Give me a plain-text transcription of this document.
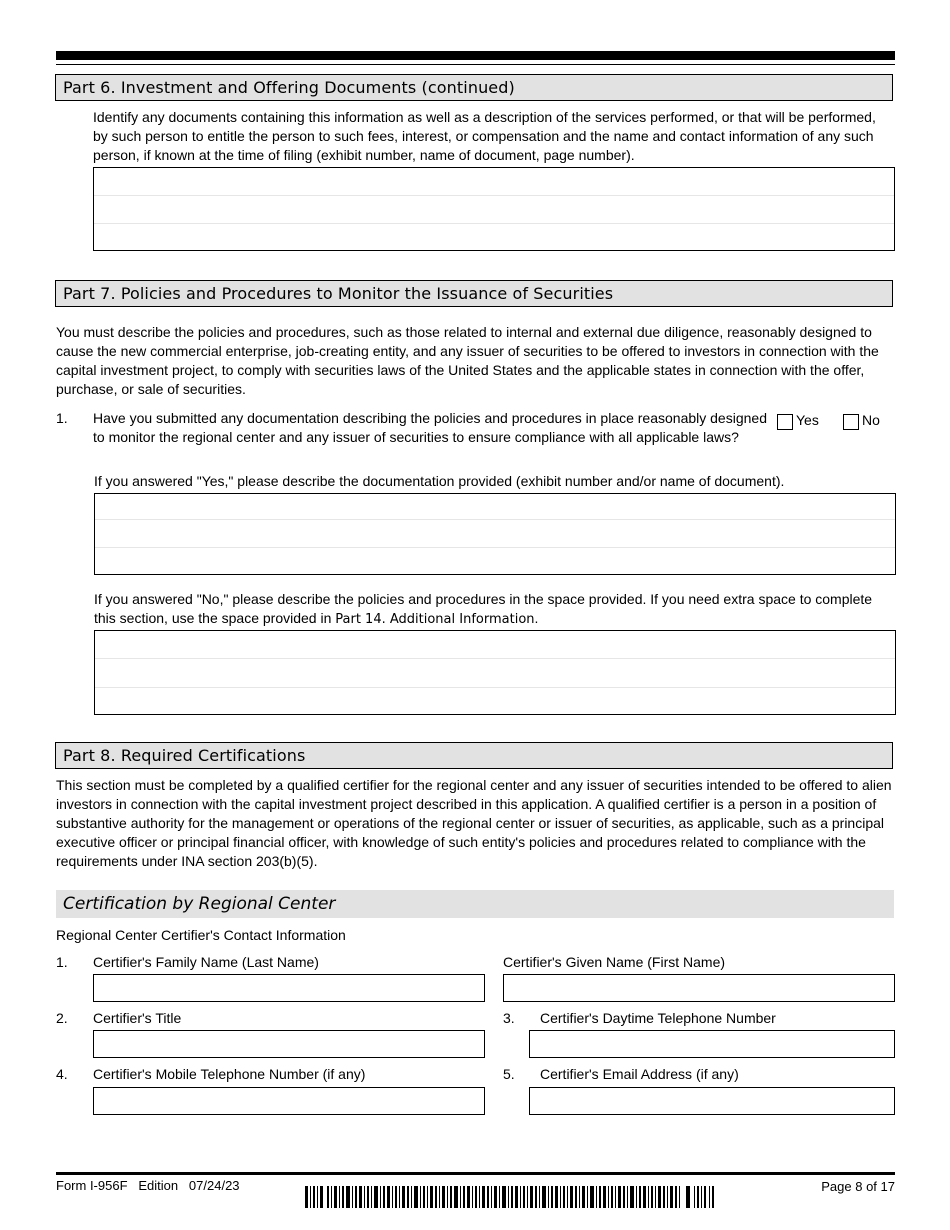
Part 6. Investment and Offering Documents (continued)
Identify any documents containing this information as well as a description of the services performed, or that will be performed, by such person to entitle the person to such fees, interest, or compensation and the name and contact information of any such person, if known at the time of filing (exhibit number, name of document, page number).
Part 7. Policies and Procedures to Monitor the Issuance of Securities
You must describe the policies and procedures, such as those related to internal and external due diligence, reasonably designed to cause the new commercial enterprise, job-creating entity, and any issuer of securities to be offered to investors in connection with the capital investment project, to comply with securities laws of the United States and the applicable states in connection with the offer, purchase, or sale of securities.
1. Have you submitted any documentation describing the policies and procedures in place reasonably designed to monitor the regional center and any issuer of securities to ensure compliance with all applicable laws?
Yes	No
If you answered "Yes," please describe the documentation provided (exhibit number and/or name of document).
If you answered "No," please describe the policies and procedures in the space provided. If you need extra space to complete this section, use the space provided in Part 14. Additional Information.
Part 8. Required Certifications
This section must be completed by a qualified certifier for the regional center and any issuer of securities intended to be offered to alien investors in connection with the capital investment project described in this application. A qualified certifier is a person in a position of substantive authority for the management or operations of the regional center or issuer of securities, as applicable, such as a principal executive officer or principal financial officer, with knowledge of such entity's policies and procedures related to compliance with the requirements under INA section 203(b)(5).
Certification by Regional Center
Regional Center Certifier's Contact Information
1. Certifier's Family Name (Last Name)	Certifier's Given Name (First Name)
2. Certifier's Title	3. Certifier's Daytime Telephone Number
4. Certifier's Mobile Telephone Number (if any)	5. Certifier's Email Address (if any)
Form I-956F   Edition   07/24/23	Page 8 of 17
